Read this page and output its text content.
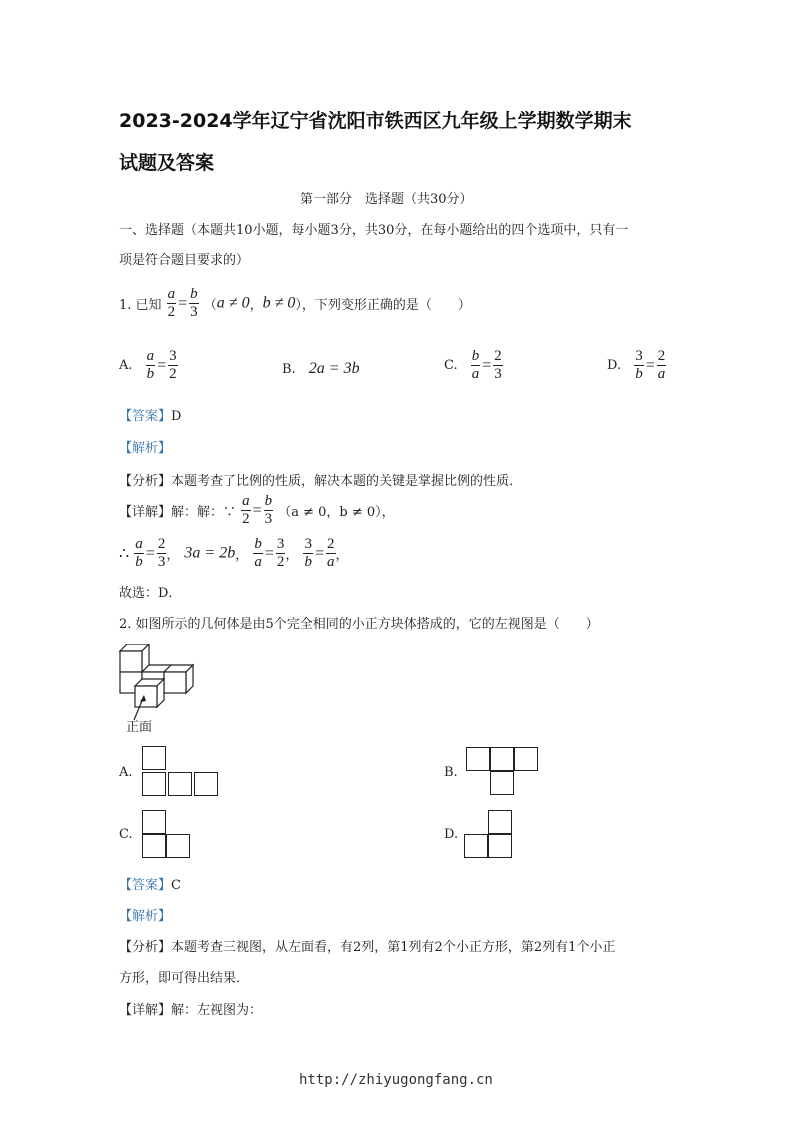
2023-2024学年辽宁省沈阳市铁西区九年级上学期数学期末
试题及答案
第一部分　选择题（共30分）
一、选择题（本题共10小题，每小题3分，共30分，在每小题给出的四个选项中，只有一
项是符合题目要求的）
1. 已知 $\frac{a}{2} = \frac{b}{3} (a \ne 0$，b ≠ 0），下列变形正确的是（　　）
A. $\frac{a}{b} = \frac{3}{2}$	B. 2a = 3b	C. $\frac{b}{a} = \frac{2}{3}$	D. $\frac{3}{b} = \frac{2}{a}$
【答案】D
【解析】
【分析】本题考查了比例的性质，解决本题的关键是掌握比例的性质．
【详解】解：解：∵ $\frac{a}{2} = \frac{b}{3} (a \ne 0$，b ≠ 0），
∴ $\frac{a}{b} = \frac{2}{3}$ ， 3a = 2b， $\frac{b}{a} = \frac{3}{2}$ ， $\frac{3}{b} = \frac{2}{a}$ ，
故选：D．
2. 如图所示的几何体是由5个完全相同的小正方块体搭成的，它的左视图是（　　）
正面
A.	B.
C.	D.
【答案】C
【解析】
【分析】本题考查三视图，从左面看，有2列，第1列有2个小正方形，第2列有1个小正
方形，即可得出结果．
【详解】解：左视图为：
http://zhiyugongfang.cn
